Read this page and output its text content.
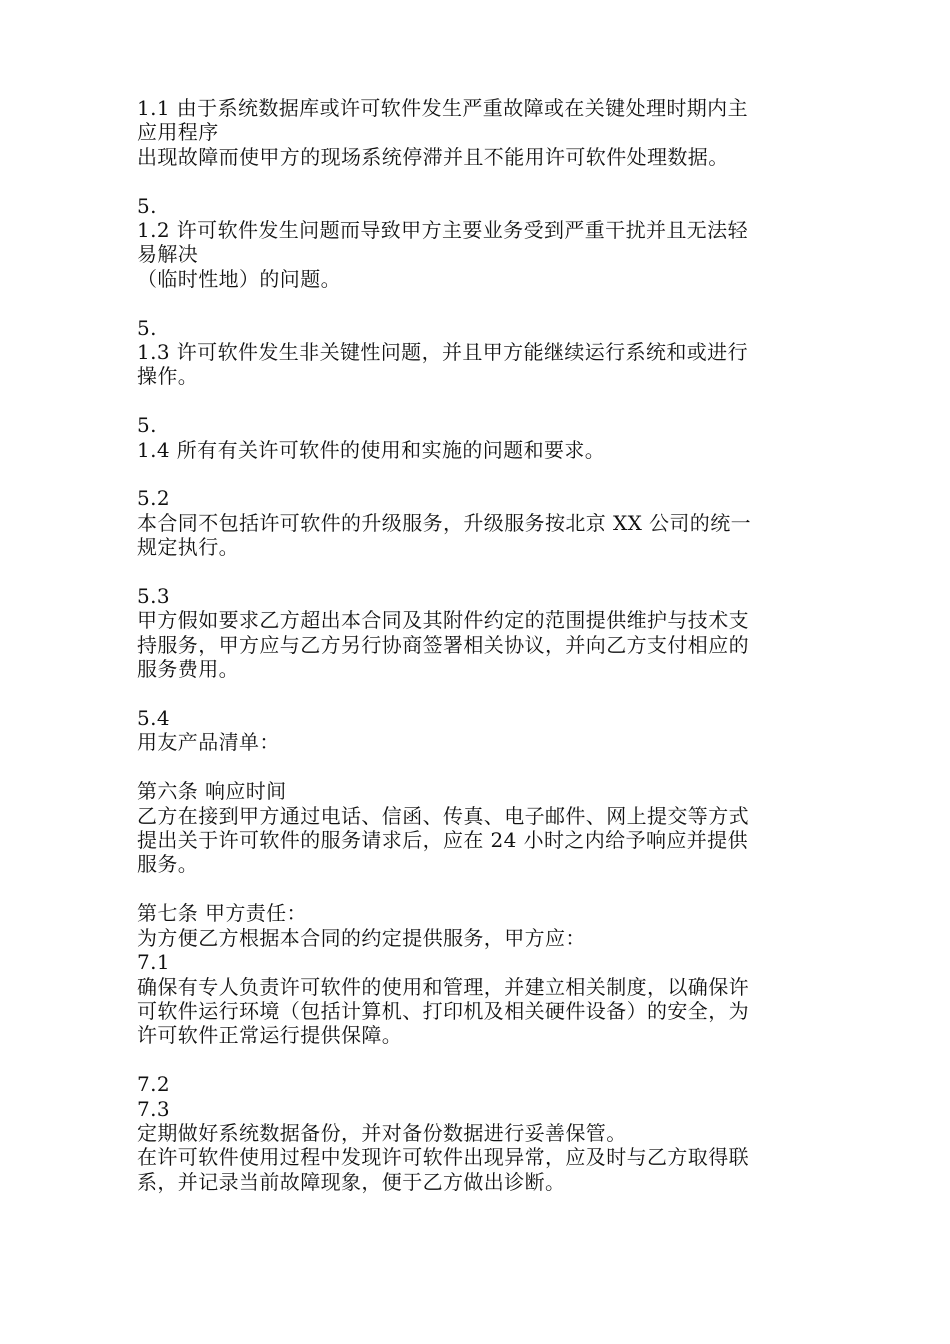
1.1 由于系统数据库或许可软件发生严重故障或在关键处理时期内主
应用程序
出现故障而使甲方的现场系统停滞并且不能用许可软件处理数据。
5.
1.2 许可软件发生问题而导致甲方主要业务受到严重干扰并且无法轻
易解决
（临时性地）的问题。
5.
1.3 许可软件发生非关键性问题，并且甲方能继续运行系统和或进行
操作。
5.
1.4 所有有关许可软件的使用和实施的问题和要求。
5.2
本合同不包括许可软件的升级服务，升级服务按北京 XX 公司的统一
规定执行。
5.3
甲方假如要求乙方超出本合同及其附件约定的范围提供维护与技术支
持服务，甲方应与乙方另行协商签署相关协议，并向乙方支付相应的
服务费用。
5.4
用友产品清单：
第六条 响应时间
乙方在接到甲方通过电话、信函、传真、电子邮件、网上提交等方式
提出关于许可软件的服务请求后，应在 24 小时之内给予响应并提供
服务。
第七条 甲方责任：
为方便乙方根据本合同的约定提供服务，甲方应：
7.1
确保有专人负责许可软件的使用和管理，并建立相关制度，以确保许
可软件运行环境（包括计算机、打印机及相关硬件设备）的安全，为
许可软件正常运行提供保障。
7.2
7.3
定期做好系统数据备份，并对备份数据进行妥善保管。
在许可软件使用过程中发现许可软件出现异常，应及时与乙方取得联
系，并记录当前故障现象，便于乙方做出诊断。
